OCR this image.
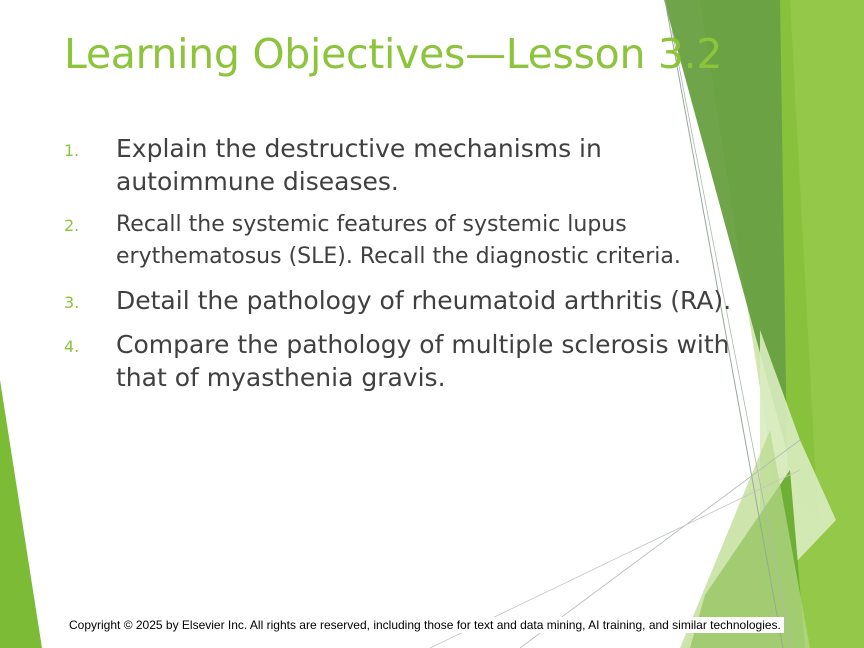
Learning Objectives—Lesson 3.2
1.	Explain the destructive mechanisms in autoimmune diseases.
2.	Recall the systemic features of systemic lupus erythematosus (SLE). Recall the diagnostic criteria.
3.	Detail the pathology of rheumatoid arthritis (RA).
4.	Compare the pathology of multiple sclerosis with that of myasthenia gravis.
Copyright © 2025 by Elsevier Inc. All rights are reserved, including those for text and data mining, AI training, and similar technologies.
